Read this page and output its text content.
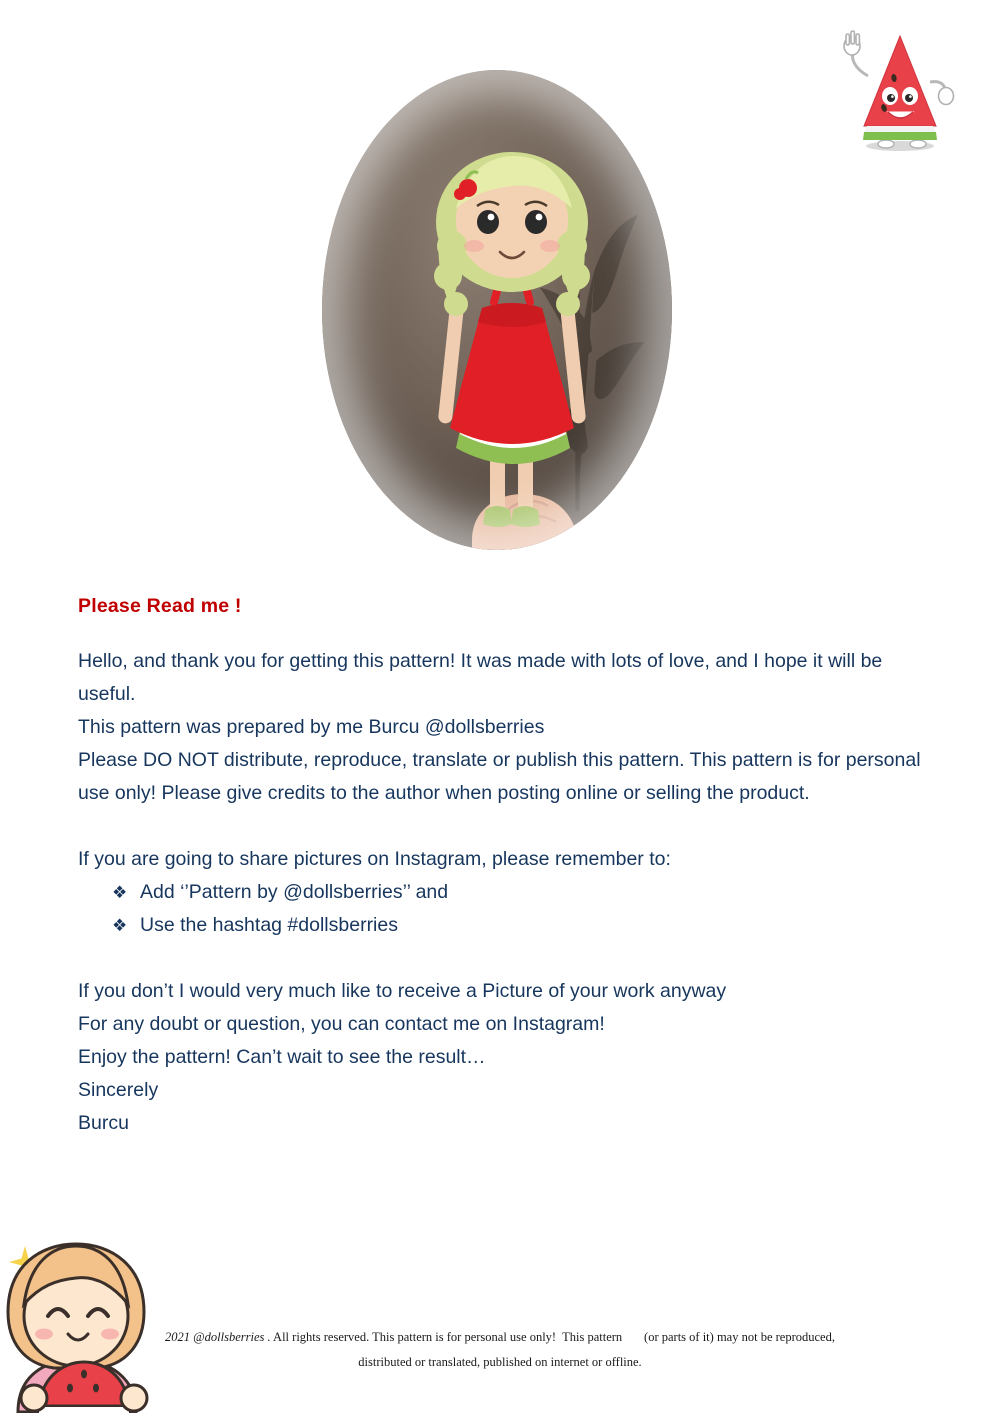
Please Read me !

Hello, and thank you for getting this pattern! It was made with lots of love, and I hope it will be useful.

This pattern was prepared by me Burcu @dollsberries

Please DO NOT distribute, reproduce, translate or publish this pattern. This pattern is for personal use only! Please give credits to the author when posting online or selling the product.

If you are going to share pictures on Instagram, please remember to:

❖ Add ‘’Pattern by @dollsberries’’ and
❖ Use the hashtag #dollsberries

If you don’t I would very much like to receive a Picture of your work anyway

For any doubt or question, you can contact me on Instagram!

Enjoy the pattern! Can’t wait to see the result…

Sincerely

Burcu

2021 @dollsberries . All rights reserved. This pattern is for personal use only!  This pattern       (or parts of it) may not be reproduced,
distributed or translated, published on internet or offline.
